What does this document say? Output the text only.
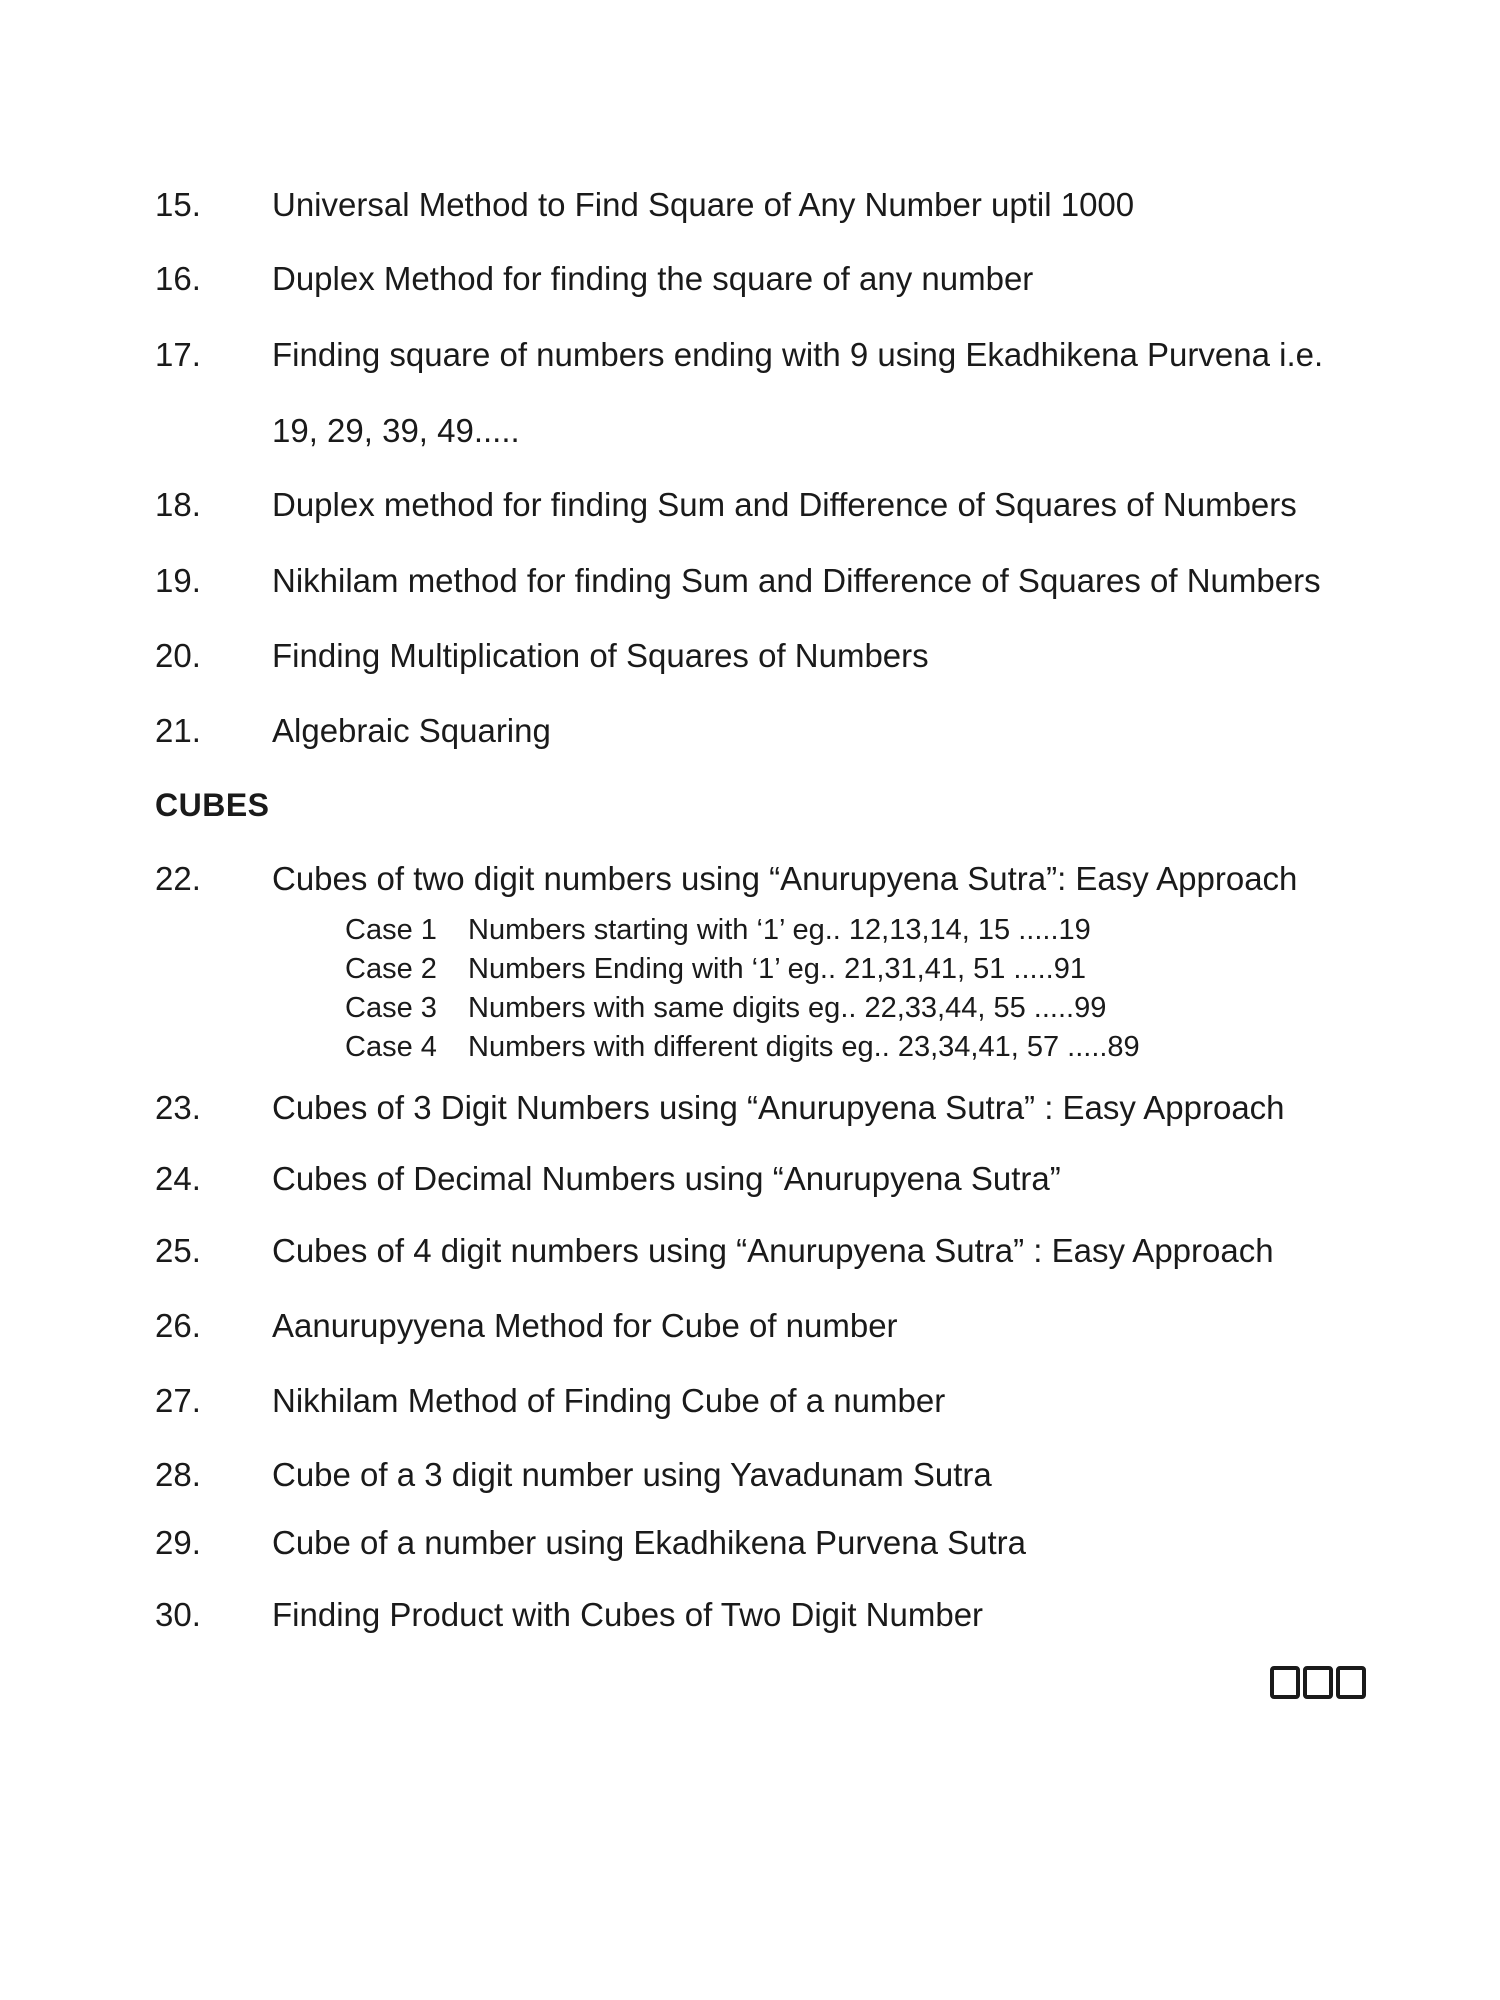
15. Universal Method to Find Square of Any Number uptil 1000
16. Duplex Method for finding the square of any number
17. Finding square of numbers ending with 9 using Ekadhikena Purvena i.e.
19, 29, 39, 49.....
18. Duplex method for finding Sum and Difference of Squares of Numbers
19. Nikhilam method for finding Sum and Difference of Squares of Numbers
20. Finding Multiplication of Squares of Numbers
21. Algebraic Squaring
CUBES
22. Cubes of two digit numbers using “Anurupyena Sutra”: Easy Approach
Case 1 Numbers starting with ‘1’ eg.. 12,13,14, 15 .....19
Case 2 Numbers Ending with ‘1’ eg.. 21,31,41, 51 .....91
Case 3 Numbers with same digits eg.. 22,33,44, 55 .....99
Case 4 Numbers with different digits eg.. 23,34,41, 57 .....89
23. Cubes of 3 Digit Numbers using “Anurupyena Sutra” : Easy Approach
24. Cubes of Decimal Numbers using “Anurupyena Sutra”
25. Cubes of 4 digit numbers using “Anurupyena Sutra” : Easy Approach
26. Aanurupyyena Method for Cube of number
27. Nikhilam Method of Finding Cube of a number
28. Cube of a 3 digit number using Yavadunam Sutra
29. Cube of a number using Ekadhikena Purvena Sutra
30. Finding Product with Cubes of Two Digit Number
